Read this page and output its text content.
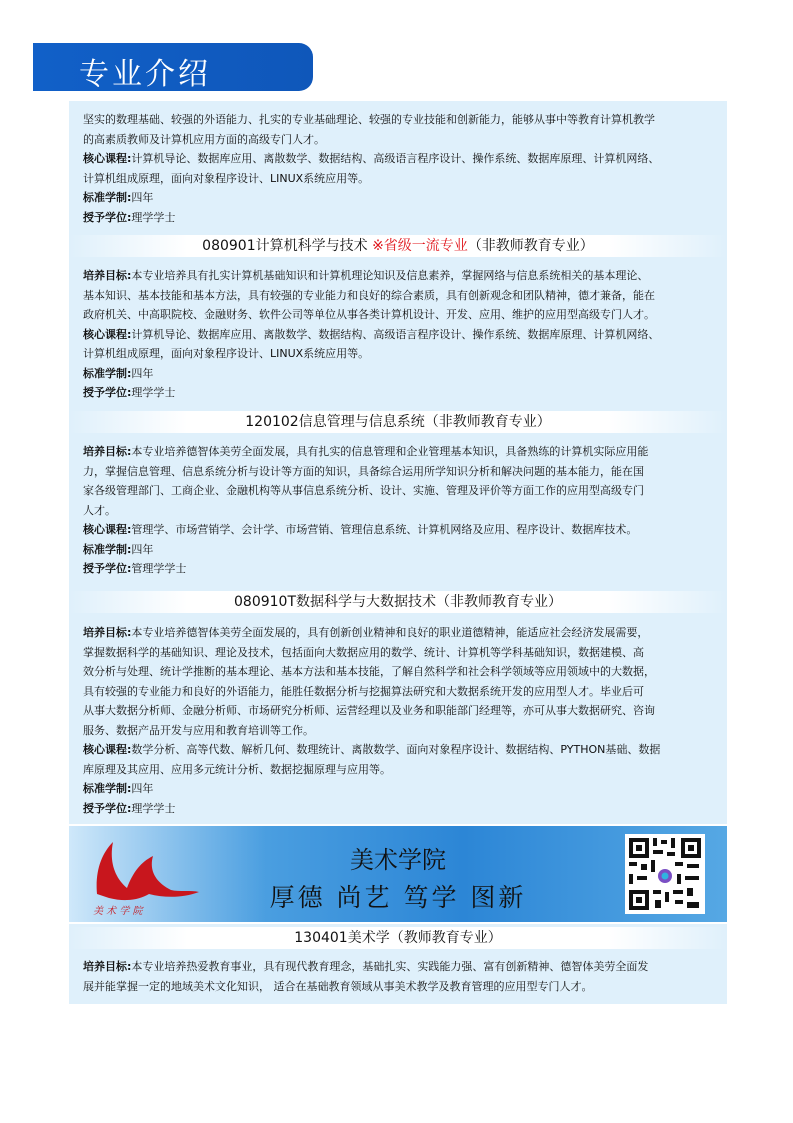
专业介绍

坚实的数理基础、较强的外语能力、扎实的专业基础理论、较强的专业技能和创新能力，能够从事中等教育计算机教学
的高素质教师及计算机应用方面的高级专门人才。
核心课程:计算机导论、数据库应用、离散数学、数据结构、高级语言程序设计、操作系统、数据库原理、计算机网络、
计算机组成原理，面向对象程序设计、LINUX系统应用等。
标准学制:四年
授予学位:理学学士

080901计算机科学与技术 ※省级一流专业（非教师教育专业）

培养目标:本专业培养具有扎实计算机基础知识和计算机理论知识及信息素养，掌握网络与信息系统相关的基本理论、
基本知识、基本技能和基本方法，具有较强的专业能力和良好的综合素质，具有创新观念和团队精神，德才兼备，能在
政府机关、中高职院校、金融财务、软件公司等单位从事各类计算机设计、开发、应用、维护的应用型高级专门人才。
核心课程:计算机导论、数据库应用、离散数学、数据结构、高级语言程序设计、操作系统、数据库原理、计算机网络、
计算机组成原理，面向对象程序设计、LINUX系统应用等。
标准学制:四年
授予学位:理学学士

120102信息管理与信息系统（非教师教育专业）

培养目标:本专业培养德智体美劳全面发展，具有扎实的信息管理和企业管理基本知识，具备熟练的计算机实际应用能
力，掌握信息管理、信息系统分析与设计等方面的知识，具备综合运用所学知识分析和解决问题的基本能力，能在国
家各级管理部门、工商企业、金融机构等从事信息系统分析、设计、实施、管理及评价等方面工作的应用型高级专门
人才。
核心课程:管理学、市场营销学、会计学、市场营销、管理信息系统、计算机网络及应用、程序设计、数据库技术。
标准学制:四年
授予学位:管理学学士

080910T数据科学与大数据技术（非教师教育专业）

培养目标:本专业培养德智体美劳全面发展的，具有创新创业精神和良好的职业道德精神，能适应社会经济发展需要，
掌握数据科学的基础知识、理论及技术，包括面向大数据应用的数学、统计、计算机等学科基础知识，数据建模、高
效分析与处理、统计学推断的基本理论、基本方法和基本技能，了解自然科学和社会科学领域等应用领域中的大数据，
具有较强的专业能力和良好的外语能力，能胜任数据分析与挖掘算法研究和大数据系统开发的应用型人才。毕业后可
从事大数据分析师、金融分析师、市场研究分析师、运营经理以及业务和职能部门经理等，亦可从事大数据研究、咨询
服务、数据产品开发与应用和教育培训等工作。
核心课程:数学分析、高等代数、解析几何、数理统计、离散数学、面向对象程序设计、数据结构、PYTHON基础、数据
库原理及其应用、应用多元统计分析、数据挖掘原理与应用等。
标准学制:四年
授予学位:理学学士

美 术 学 院
美术学院
厚德 尚艺 笃学 图新
130401美术学（教师教育专业）

培养目标:本专业培养热爱教育事业，具有现代教育理念，基础扎实、实践能力强、富有创新精神、德智体美劳全面发
展并能掌握一定的地域美术文化知识， 适合在基础教育领域从事美术教学及教育管理的应用型专门人才。
